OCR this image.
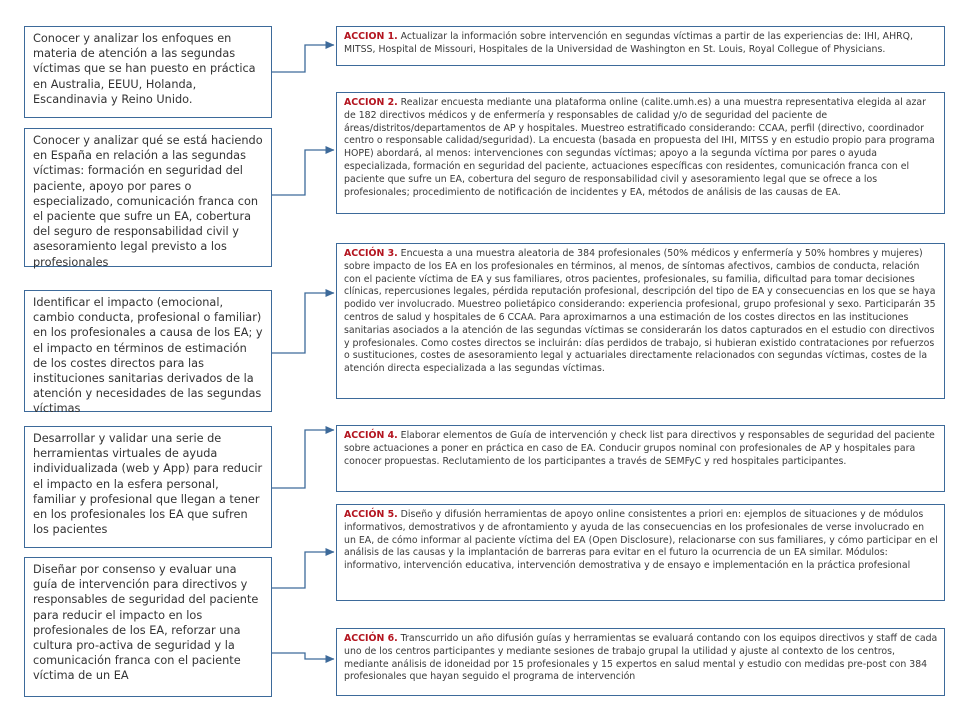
Conocer y analizar los enfoques en materia de atención a las segundas víctimas que se han puesto en práctica en Australia, EEUU, Holanda, Escandinavia y Reino Unido.
Conocer y analizar qué se está haciendo en España en relación a las segundas víctimas: formación en seguridad del paciente, apoyo por pares o especializado, comunicación franca con el paciente que sufre un EA, cobertura del seguro de responsabilidad civil y asesoramiento legal previsto a los profesionales
Identificar el impacto (emocional, cambio conducta, profesional o familiar) en los profesionales a causa de los EA; y el impacto en términos de estimación de los costes directos para las instituciones sanitarias derivados de la atención y necesidades de las segundas víctimas
Desarrollar y validar una serie de herramientas virtuales de ayuda individualizada (web y App) para reducir el impacto en la esfera personal, familiar y profesional que llegan a tener en los profesionales los EA que sufren los pacientes
Diseñar por consenso y evaluar una guía de intervención para directivos y responsables de seguridad del paciente para reducir el impacto en los profesionales de los EA, reforzar una cultura pro-activa de seguridad y la comunicación franca con el paciente víctima de un EA
ACCION 1. Actualizar la información sobre intervención en segundas víctimas a partir de las experiencias de: IHI, AHRQ, MITSS, Hospital de Missouri, Hospitales de la Universidad de Washington en St. Louis, Royal Collegue of Physicians.
ACCION 2. Realizar encuesta mediante una plataforma online (calite.umh.es) a una muestra representativa elegida al azar de 182 directivos médicos y de enfermería y responsables de calidad y/o de seguridad del paciente de áreas/distritos/departamentos de AP y hospitales. Muestreo estratificado considerando: CCAA, perfil (directivo, coordinador centro o responsable calidad/seguridad). La encuesta (basada en propuesta del IHI, MITSS y en estudio propio para programa HOPE) abordará, al menos: intervenciones con segundas víctimas; apoyo a la segunda víctima por pares o ayuda especializada, formación en seguridad del paciente, actuaciones específicas con residentes, comunicación franca con el paciente que sufre un EA, cobertura del seguro de responsabilidad civil y asesoramiento legal que se ofrece a los profesionales; procedimiento de notificación de incidentes y EA, métodos de análisis de las causas de EA.
ACCIÓN 3. Encuesta a una muestra aleatoria de 384 profesionales (50% médicos y enfermería y 50% hombres y mujeres) sobre impacto de los EA en los profesionales en términos, al menos, de síntomas afectivos, cambios de conducta, relación con el paciente víctima de EA y sus familiares, otros pacientes, profesionales, su familia, dificultad para tomar decisiones clínicas, repercusiones legales, pérdida reputación profesional, descripción del tipo de EA y consecuencias en los que se haya podido ver involucrado. Muestreo polietápico considerando: experiencia profesional, grupo profesional y sexo. Participarán 35 centros de salud y hospitales de 6 CCAA. Para aproximarnos a una estimación de los costes directos en las instituciones sanitarias asociados a la atención de las segundas víctimas se considerarán los datos capturados en el estudio con directivos y profesionales. Como costes directos se incluirán: días perdidos de trabajo, si hubieran existido contrataciones por refuerzos o sustituciones, costes de asesoramiento legal y actuariales directamente relacionados con segundas víctimas, costes de la atención directa especializada a las segundas víctimas.
ACCIÓN 4. Elaborar elementos de Guía de intervención y check list para directivos y responsables de seguridad del paciente sobre actuaciones a poner en práctica en caso de EA. Conducir grupos nominal con profesionales de AP y hospitales para conocer propuestas. Reclutamiento de los participantes a través de SEMFyC y red hospitales participantes.
ACCIÓN 5. Diseño y difusión herramientas de apoyo online consistentes a priori en: ejemplos de situaciones y de módulos informativos, demostrativos y de afrontamiento y ayuda de las consecuencias en los profesionales de verse involucrado en un EA, de cómo informar al paciente víctima del EA (Open Disclosure), relacionarse con sus familiares, y cómo participar en el análisis de las causas y la implantación de barreras para evitar en el futuro la ocurrencia de un EA similar. Módulos: informativo, intervención educativa, intervención demostrativa y de ensayo e implementación en la práctica profesional
ACCIÓN 6. Transcurrido un año difusión guías y herramientas se evaluará contando con los equipos directivos y staff de cada uno de los centros participantes y mediante sesiones de trabajo grupal la utilidad y ajuste al contexto de los centros, mediante análisis de idoneidad por 15 profesionales y 15 expertos en salud mental y estudio con medidas pre-post con 384 profesionales que hayan seguido el programa de intervención
